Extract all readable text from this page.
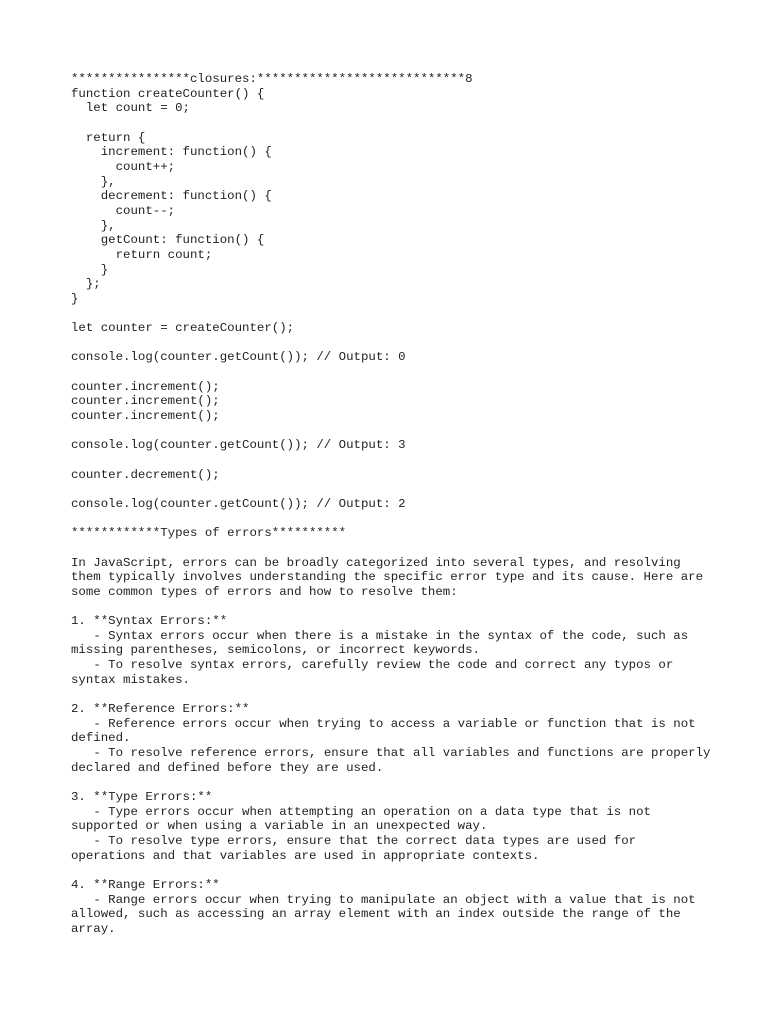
****************closures:****************************8
function createCounter() {
let count = 0;
return {
increment: function() {
count++;
},
decrement: function() {
count--;
},
getCount: function() {
return count;
}
};
}
let counter = createCounter();
console.log(counter.getCount()); // Output: 0
counter.increment();
counter.increment();
counter.increment();
console.log(counter.getCount()); // Output: 3
counter.decrement();
console.log(counter.getCount()); // Output: 2
************Types of errors**********
In JavaScript, errors can be broadly categorized into several types, and resolving them typically involves understanding the specific error type and its cause. Here are some common types of errors and how to resolve them:
1. **Syntax Errors:**
- Syntax errors occur when there is a mistake in the syntax of the code, such as missing parentheses, semicolons, or incorrect keywords.
- To resolve syntax errors, carefully review the code and correct any typos or syntax mistakes.
2. **Reference Errors:**
- Reference errors occur when trying to access a variable or function that is not defined.
- To resolve reference errors, ensure that all variables and functions are properly declared and defined before they are used.
3. **Type Errors:**
- Type errors occur when attempting an operation on a data type that is not supported or when using a variable in an unexpected way.
- To resolve type errors, ensure that the correct data types are used for operations and that variables are used in appropriate contexts.
4. **Range Errors:**
- Range errors occur when trying to manipulate an object with a value that is not allowed, such as accessing an array element with an index outside the range of the array.
